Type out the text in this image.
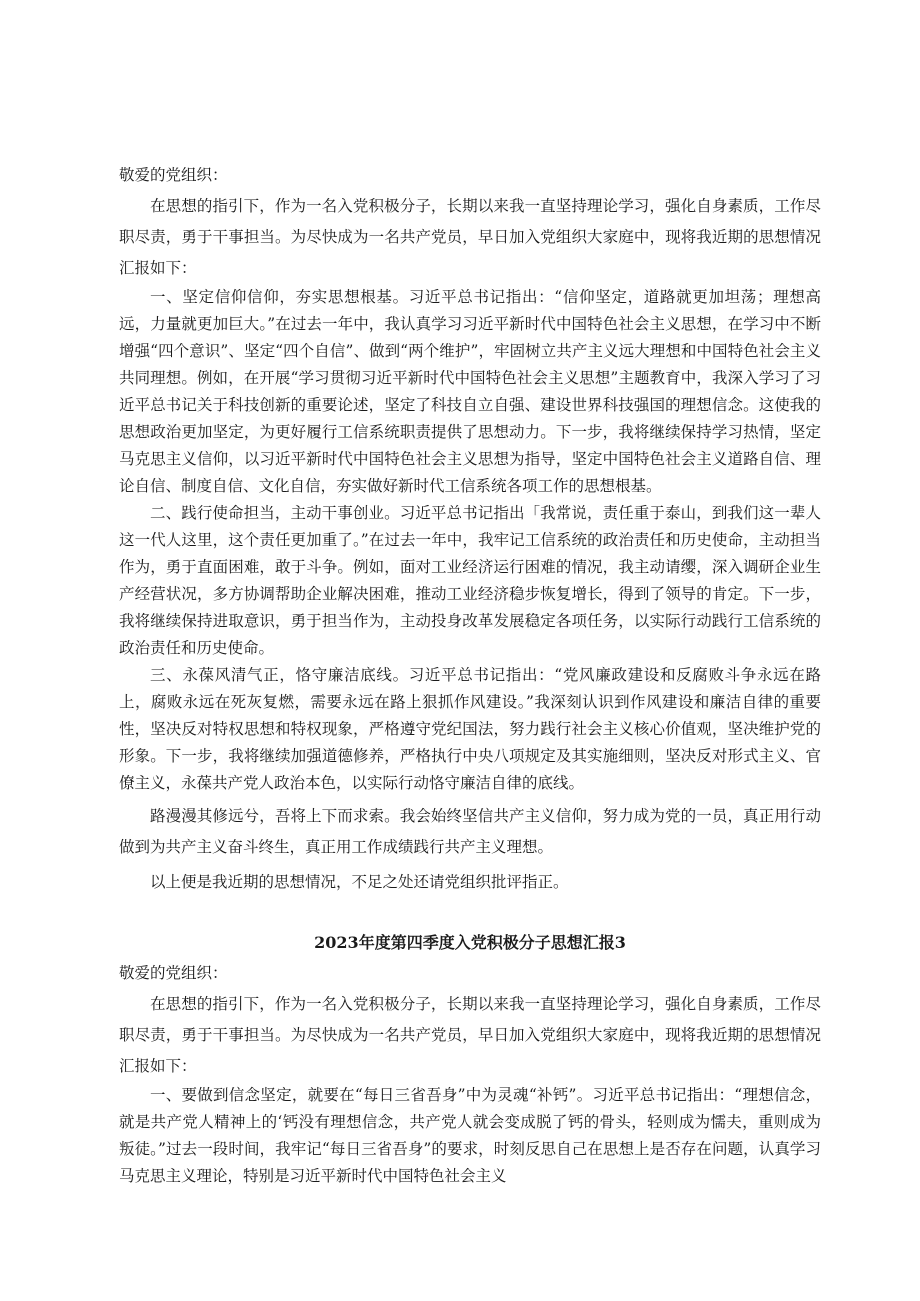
敬爱的党组织：

在思想的指引下，作为一名入党积极分子，长期以来我一直坚持理论学习，强化自身素质，工作尽职尽责，勇于干事担当。为尽快成为一名共产党员，早日加入党组织大家庭中，现将我近期的思想情况汇报如下：

一、坚定信仰信仰，夯实思想根基。习近平总书记指出：“信仰坚定，道路就更加坦荡；理想高远，力量就更加巨大。”在过去一年中，我认真学习习近平新时代中国特色社会主义思想，在学习中不断增强“四个意识”、坚定“四个自信”、做到“两个维护”，牢固树立共产主义远大理想和中国特色社会主义共同理想。例如，在开展“学习贯彻习近平新时代中国特色社会主义思想”主题教育中，我深入学习了习近平总书记关于科技创新的重要论述，坚定了科技自立自强、建设世界科技强国的理想信念。这使我的思想政治更加坚定，为更好履行工信系统职责提供了思想动力。下一步，我将继续保持学习热情，坚定马克思主义信仰，以习近平新时代中国特色社会主义思想为指导，坚定中国特色社会主义道路自信、理论自信、制度自信、文化自信，夯实做好新时代工信系统各项工作的思想根基。

二、践行使命担当，主动干事创业。习近平总书记指出「我常说，责任重于泰山，到我们这一辈人这一代人这里，这个责任更加重了。”在过去一年中，我牢记工信系统的政治责任和历史使命，主动担当作为，勇于直面困难，敢于斗争。例如，面对工业经济运行困难的情况，我主动请缨，深入调研企业生产经营状况，多方协调帮助企业解决困难，推动工业经济稳步恢复增长，得到了领导的肯定。下一步，我将继续保持进取意识，勇于担当作为，主动投身改革发展稳定各项任务，以实际行动践行工信系统的政治责任和历史使命。

三、永葆风清气正，恪守廉洁底线。习近平总书记指出：“党风廉政建设和反腐败斗争永远在路上，腐败永远在死灰复燃，需要永远在路上狠抓作风建设。”我深刻认识到作风建设和廉洁自律的重要性，坚决反对特权思想和特权现象，严格遵守党纪国法，努力践行社会主义核心价值观，坚决维护党的形象。下一步，我将继续加强道德修养，严格执行中央八项规定及其实施细则，坚决反对形式主义、官僚主义，永葆共产党人政治本色，以实际行动恪守廉洁自律的底线。

路漫漫其修远兮，吾将上下而求索。我会始终坚信共产主义信仰，努力成为党的一员，真正用行动做到为共产主义奋斗终生，真正用工作成绩践行共产主义理想。

以上便是我近期的思想情况，不足之处还请党组织批评指正。

2023年度第四季度入党积极分子思想汇报3

敬爱的党组织：

在思想的指引下，作为一名入党积极分子，长期以来我一直坚持理论学习，强化自身素质，工作尽职尽责，勇于干事担当。为尽快成为一名共产党员，早日加入党组织大家庭中，现将我近期的思想情况汇报如下：

一、要做到信念坚定，就要在“每日三省吾身”中为灵魂“补钙”。习近平总书记指出：“理想信念，就是共产党人精神上的‘钙没有理想信念，共产党人就会变成脱了钙的骨头，轻则成为懦夫，重则成为叛徒。”过去一段时间，我牢记“每日三省吾身”的要求，时刻反思自己在思想上是否存在问题，认真学习马克思主义理论，特别是习近平新时代中国特色社会主义
